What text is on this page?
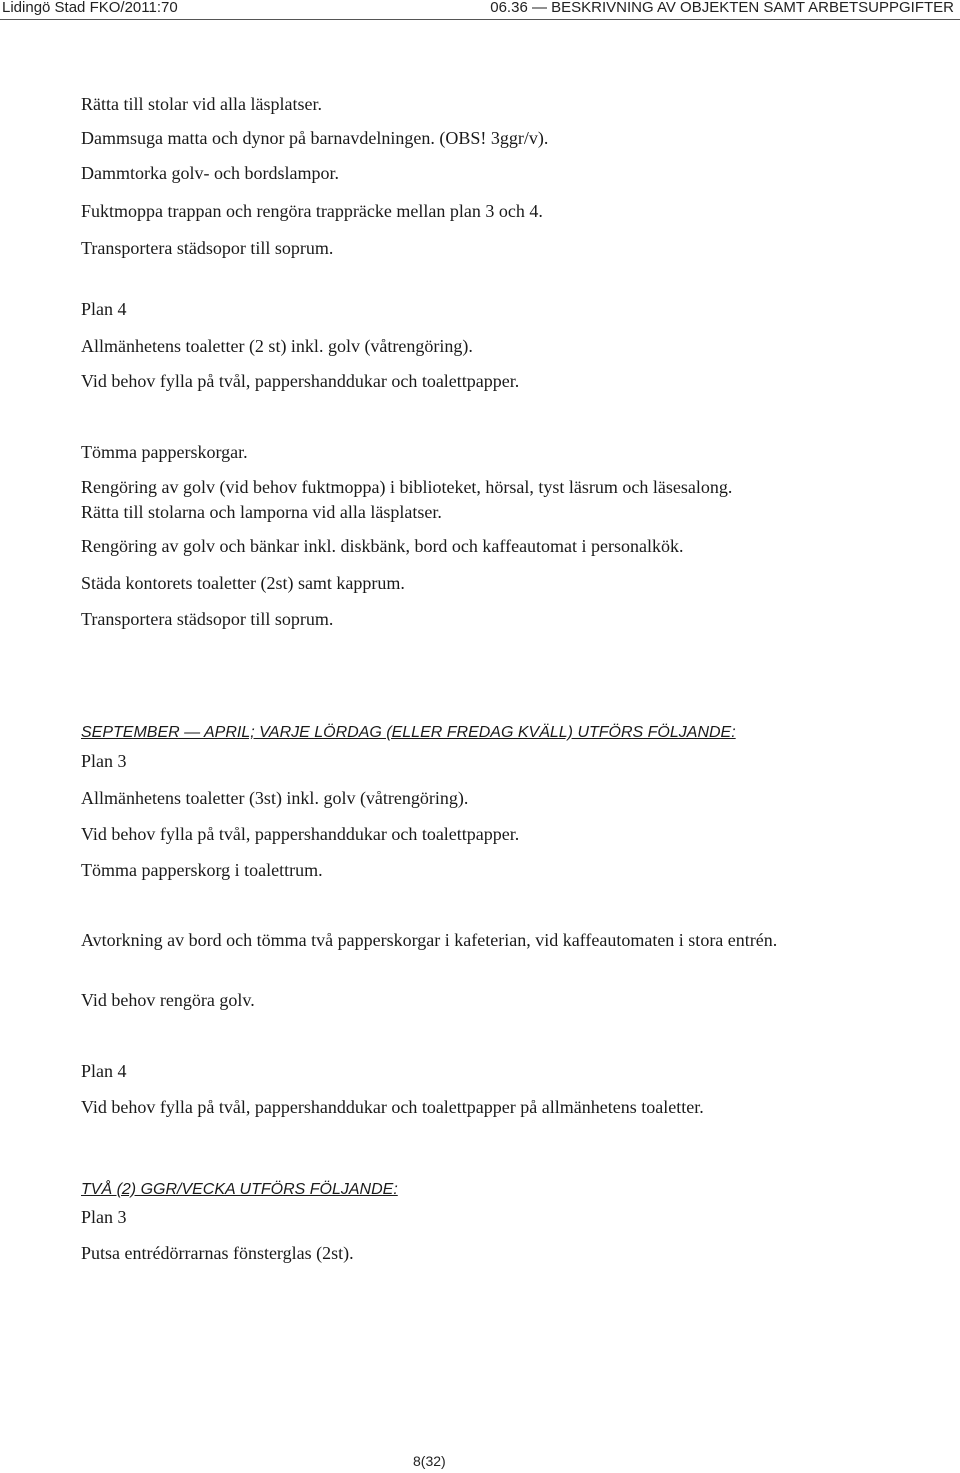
Lidingö Stad FKO/2011:70	06.36 — BESKRIVNING AV OBJEKTEN SAMT ARBETSUPPGIFTER
Rätta till stolar vid alla läsplatser.
Dammsuga matta och dynor på barnavdelningen. (OBS! 3ggr/v).
Dammtorka golv- och bordslampor.
Fuktmoppa trappan och rengöra trappräcke mellan plan 3 och 4.
Transportera städsopor till soprum.
Plan 4
Allmänhetens toaletter (2 st) inkl. golv (våtrengöring).
Vid behov fylla på tvål, pappershanddukar och toalettpapper.
Tömma papperskorgar.
Rengöring av golv (vid behov fuktmoppa) i biblioteket, hörsal, tyst läsrum och läsesalong.
Rätta till stolarna och lamporna vid alla läsplatser.
Rengöring av golv och bänkar inkl. diskbänk, bord och kaffeautomat i personalkök.
Städa kontorets toaletter (2st) samt kapprum.
Transportera städsopor till soprum.
SEPTEMBER — APRIL; VARJE LÖRDAG (ELLER FREDAG KVÄLL) UTFÖRS FÖLJANDE:
Plan 3
Allmänhetens toaletter (3st) inkl. golv (våtrengöring).
Vid behov fylla på tvål, pappershanddukar och toalettpapper.
Tömma papperskorg i toalettrum.
Avtorkning av bord och tömma två papperskorgar i kafeterian, vid kaffeautomaten i stora entrén.
Vid behov rengöra golv.
Plan 4
Vid behov fylla på tvål, pappershanddukar och toalettpapper på allmänhetens toaletter.
TVÅ (2) GGR/VECKA UTFÖRS FÖLJANDE:
Plan 3
Putsa entrédörrarnas fönsterglas (2st).
8(32)
